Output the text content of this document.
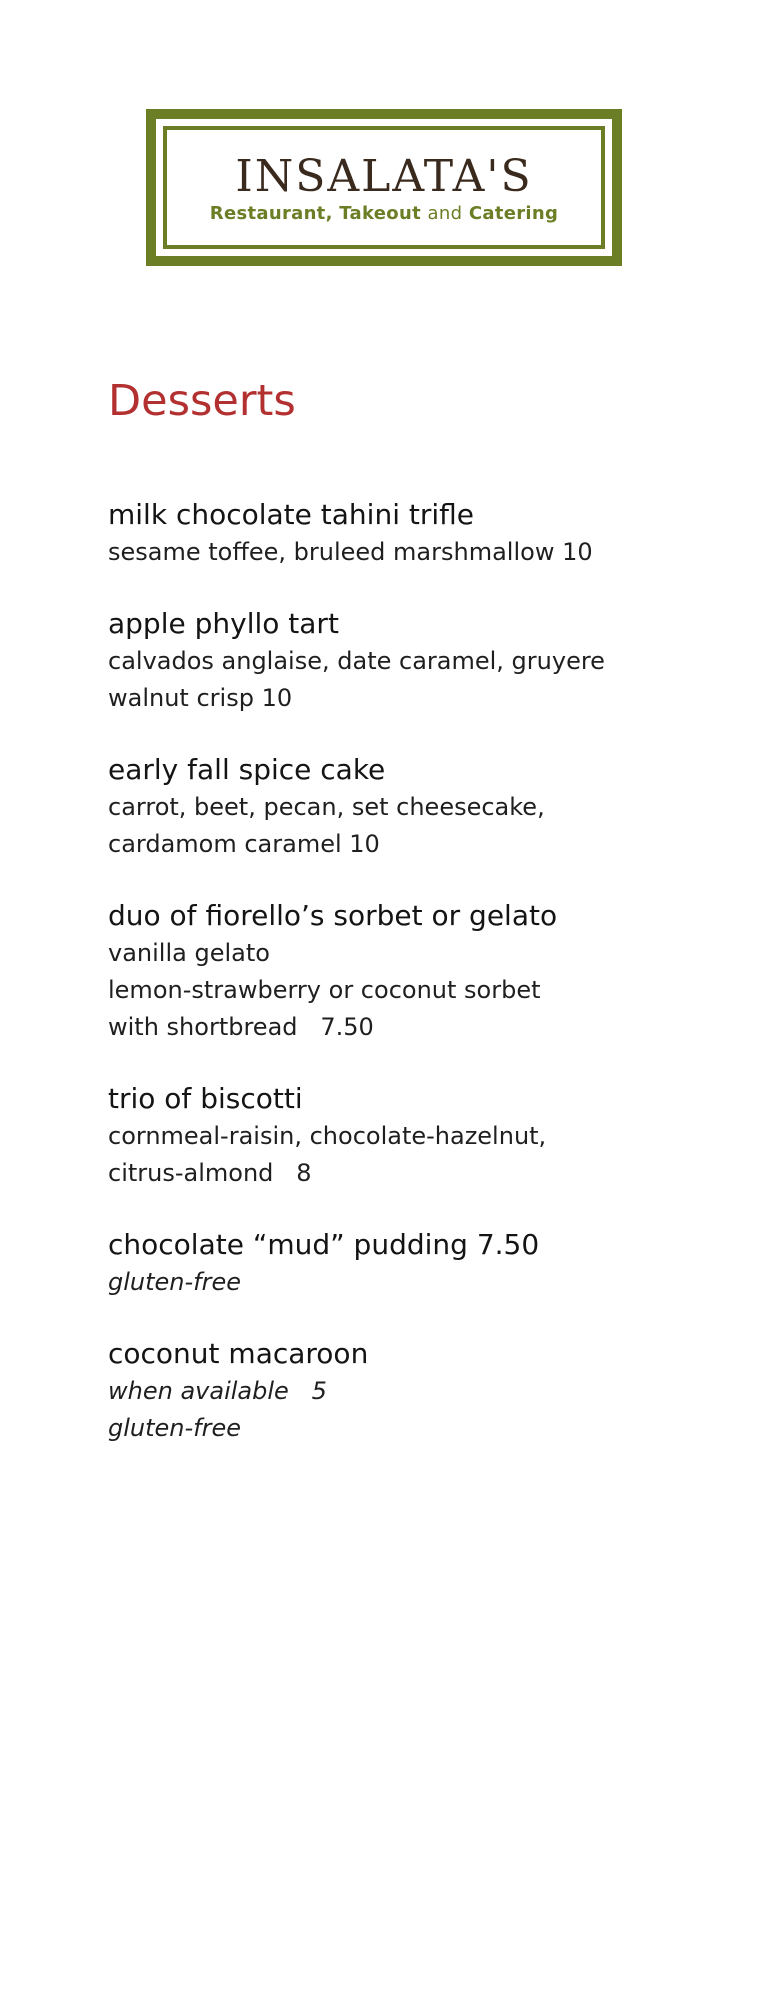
INSALATA'S
Restaurant, Takeout and Catering
Desserts
milk chocolate tahini trifle
sesame toffee, bruleed marshmallow 10
apple phyllo tart
calvados anglaise, date caramel, gruyere
walnut crisp 10
early fall spice cake
carrot, beet, pecan, set cheesecake,
cardamom caramel 10
duo of fiorello’s sorbet or gelato
vanilla gelato
lemon-strawberry or coconut sorbet
with shortbread   7.50
trio of biscotti
cornmeal-raisin, chocolate-hazelnut,
citrus-almond   8
chocolate “mud” pudding 7.50
gluten-free
coconut macaroon
when available   5
gluten-free
